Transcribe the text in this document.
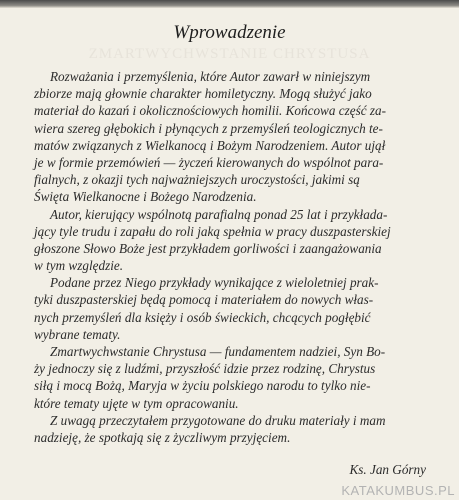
ZMARTWYCHWSTANIE CHRYSTUSA
Wprowadzenie
Rozważania i przemyślenia, które Autor zawarł w niniejszym
zbiorze mają głownie charakter homiletyczny. Mogą służyć jako
materiał do kazań i okolicznościowych homilii. Końcowa część za-
wiera szereg głębokich i płynących z przemyśleń teologicznych te-
matów związanych z Wielkanocą i Bożym Narodzeniem. Autor ujął
je w formie przemówień — życzeń kierowanych do wspólnot para-
fialnych, z okazji tych najważniejszych uroczystości, jakimi są
Święta Wielkanocne i Bożego Narodzenia.
Autor, kierujący wspólnotą parafialną ponad 25 lat i przykłada-
jący tyle trudu i zapału do roli jaką spełnia w pracy duszpasterskiej
głoszone Słowo Boże jest przykładem gorliwości i zaangażowania
w tym względzie.
Podane przez Niego przykłady wynikające z wieloletniej prak-
tyki duszpasterskiej będą pomocą i materiałem do nowych włas-
nych przemyśleń dla księży i osób świeckich, chcących pogłębić
wybrane tematy.
Zmartwychwstanie Chrystusa — fundamentem nadziei, Syn Bo-
ży jednoczy się z ludźmi, przyszłość idzie przez rodzinę, Chrystus
siłą i mocą Bożą, Maryja w życiu polskiego narodu to tylko nie-
które tematy ujęte w tym opracowaniu.
Z uwagą przeczytałem przygotowane do druku materiały i mam
nadzieję, że spotkają się z życzliwym przyjęciem.
Ks. Jan Górny
KATAKUMBUS.PL
